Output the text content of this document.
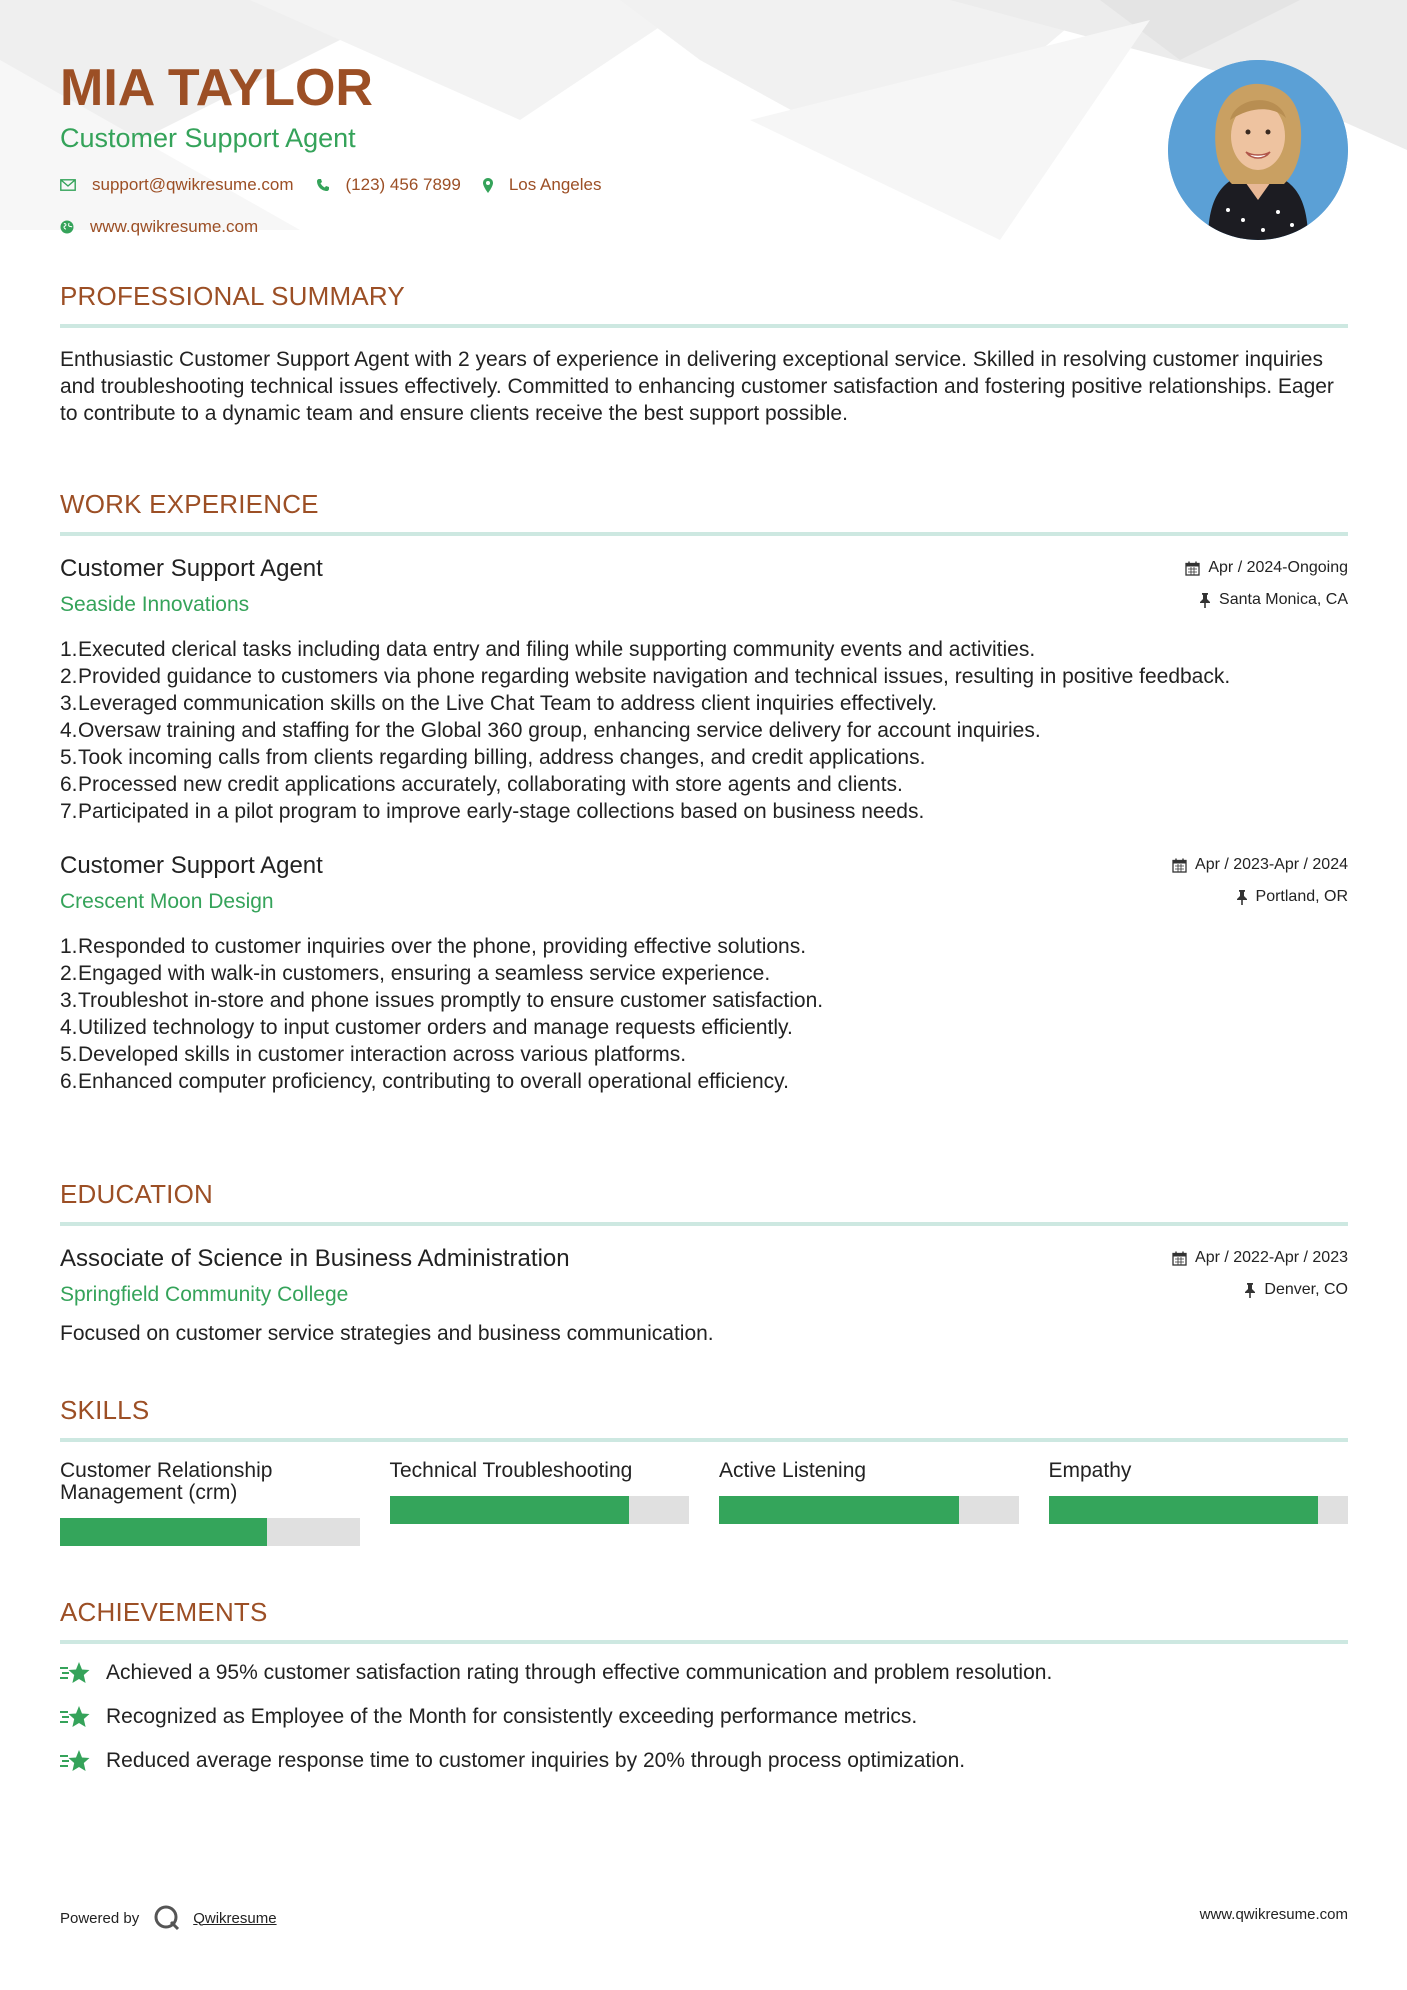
MIA TAYLOR
Customer Support Agent
support@qwikresume.com	(123) 456 7899	Los Angeles
www.qwikresume.com
PROFESSIONAL SUMMARY
Enthusiastic Customer Support Agent with 2 years of experience in delivering exceptional service. Skilled in resolving customer inquiries and troubleshooting technical issues effectively. Committed to enhancing customer satisfaction and fostering positive relationships. Eager to contribute to a dynamic team and ensure clients receive the best support possible.
WORK EXPERIENCE
Customer Support Agent
Seaside Innovations
Apr / 2024-Ongoing
Santa Monica, CA
1. Executed clerical tasks including data entry and filing while supporting community events and activities.
2. Provided guidance to customers via phone regarding website navigation and technical issues, resulting in positive feedback.
3. Leveraged communication skills on the Live Chat Team to address client inquiries effectively.
4. Oversaw training and staffing for the Global 360 group, enhancing service delivery for account inquiries.
5. Took incoming calls from clients regarding billing, address changes, and credit applications.
6. Processed new credit applications accurately, collaborating with store agents and clients.
7. Participated in a pilot program to improve early-stage collections based on business needs.
Customer Support Agent
Crescent Moon Design
Apr / 2023-Apr / 2024
Portland, OR
1. Responded to customer inquiries over the phone, providing effective solutions.
2. Engaged with walk-in customers, ensuring a seamless service experience.
3. Troubleshot in-store and phone issues promptly to ensure customer satisfaction.
4. Utilized technology to input customer orders and manage requests efficiently.
5. Developed skills in customer interaction across various platforms.
6. Enhanced computer proficiency, contributing to overall operational efficiency.
EDUCATION
Associate of Science in Business Administration
Springfield Community College
Apr / 2022-Apr / 2023
Denver, CO
Focused on customer service strategies and business communication.
SKILLS
Customer Relationship Management (crm)
Technical Troubleshooting	Active Listening	Empathy
ACHIEVEMENTS
Achieved a 95% customer satisfaction rating through effective communication and problem resolution.
Recognized as Employee of the Month for consistently exceeding performance metrics.
Reduced average response time to customer inquiries by 20% through process optimization.
Powered by	Qwikresume	www.qwikresume.com
